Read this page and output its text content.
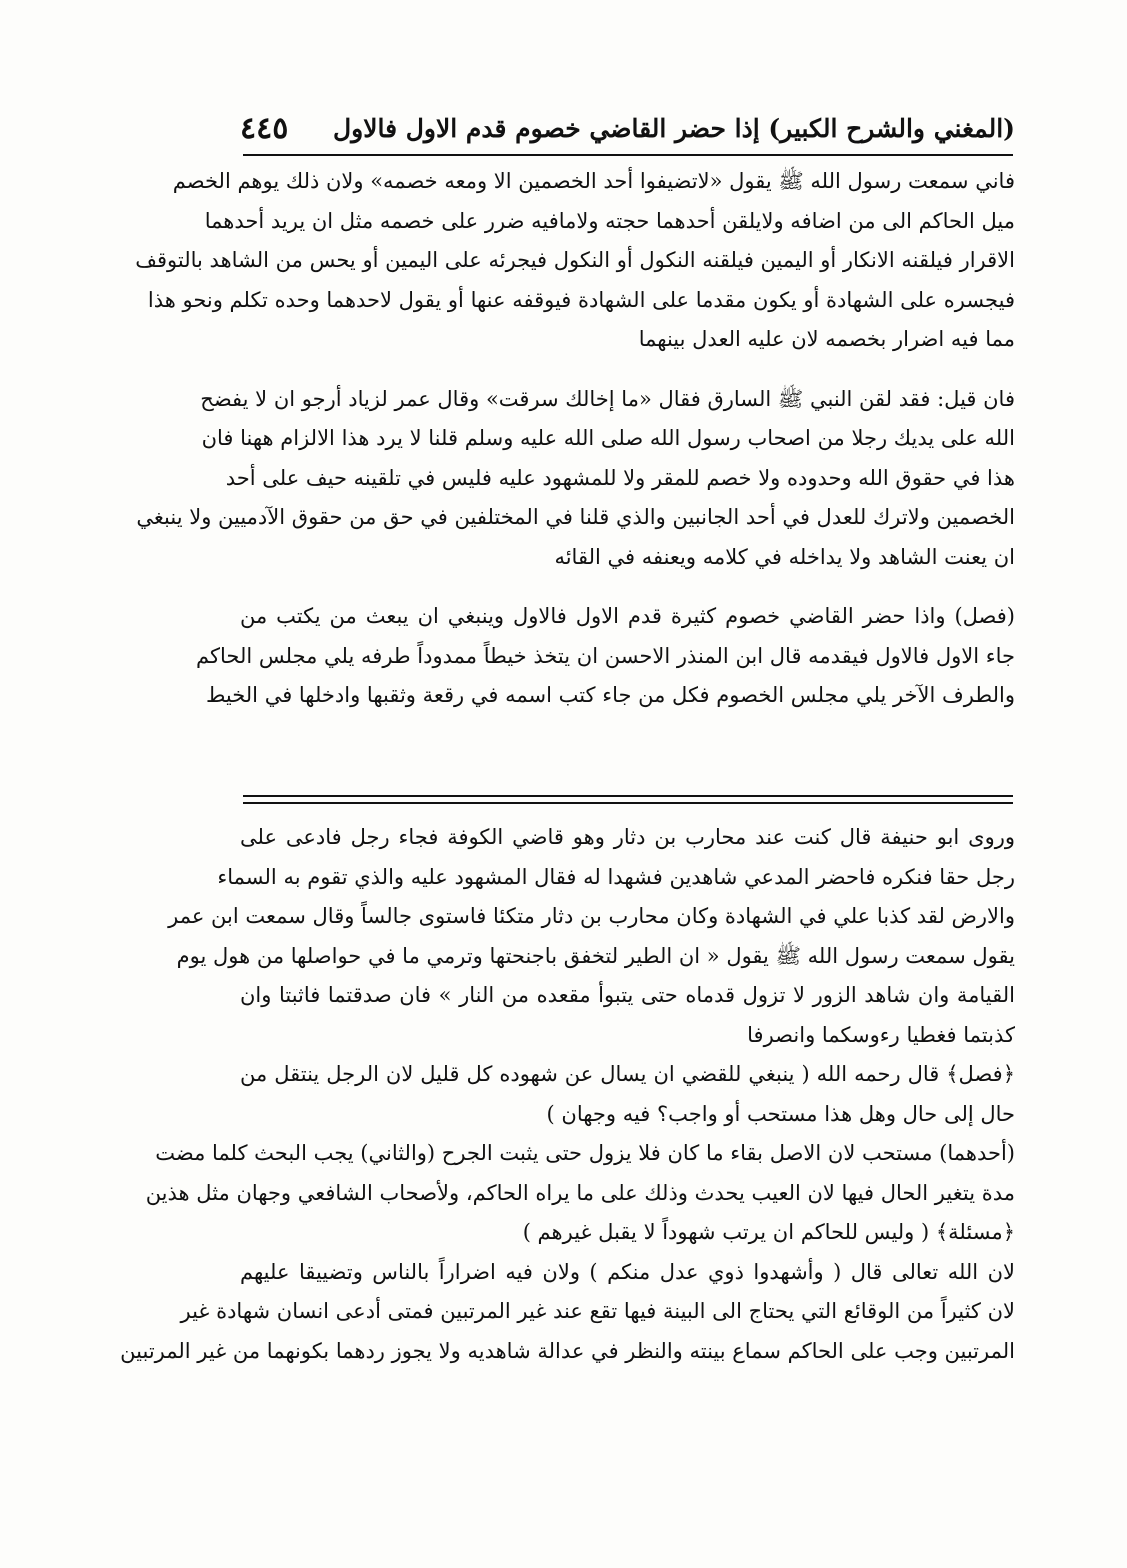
(المغني والشرح الكبير) إذا حضر القاضي خصوم قدم الاول فالاول
٤٤٥
فاني سمعت رسول الله ﷺ يقول «لاتضيفوا أحد الخصمين الا ومعه خصمه» ولان ذلك يوهم الخصم
ميل الحاكم الى من اضافه ولايلقن أحدهما حجته ولامافيه ضرر على خصمه مثل ان يريد أحدهما
الاقرار فيلقنه الانكار أو اليمين فيلقنه النكول أو النكول فيجرئه على اليمين أو يحس من الشاهد بالتوقف
فيجسره على الشهادة أو يكون مقدما على الشهادة فيوقفه عنها أو يقول لاحدهما وحده تكلم ونحو هذا
مما فيه اضرار بخصمه لان عليه العدل بينهما
فان قيل: فقد لقن النبي ﷺ السارق فقال «ما إخالك سرقت» وقال عمر لزياد أرجو ان لا يفضح
الله على يديك رجلا من اصحاب رسول الله صلى الله عليه وسلم قلنا لا يرد هذا الالزام ههنا فان
هذا في حقوق الله وحدوده ولا خصم للمقر ولا للمشهود عليه فليس في تلقينه حيف على أحد
الخصمين ولاترك للعدل في أحد الجانبين والذي قلنا في المختلفين في حق من حقوق الآدميين ولا ينبغي
ان يعنت الشاهد ولا يداخله في كلامه ويعنفه في القائه
(فصل) واذا حضر القاضي خصوم كثيرة قدم الاول فالاول وينبغي ان يبعث من يكتب من
جاء الاول فالاول فيقدمه قال ابن المنذر الاحسن ان يتخذ خيطاً ممدوداً طرفه يلي مجلس الحاكم
والطرف الآخر يلي مجلس الخصوم فكل من جاء كتب اسمه في رقعة وثقبها وادخلها في الخيط
وروى ابو حنيفة قال كنت عند محارب بن دثار وهو قاضي الكوفة فجاء رجل فادعى على
رجل حقا فنكره فاحضر المدعي شاهدين فشهدا له فقال المشهود عليه والذي تقوم به السماء
والارض لقد كذبا علي في الشهادة وكان محارب بن دثار متكئا فاستوى جالساً وقال سمعت ابن عمر
يقول سمعت رسول الله ﷺ يقول « ان الطير لتخفق باجنحتها وترمي ما في حواصلها من هول يوم
القيامة وان شاهد الزور لا تزول قدماه حتى يتبوأ مقعده من النار » فان صدقتما فاثبتا وان
كذبتما فغطيا رءوسكما وانصرفا
﴿فصل﴾ قال رحمه الله ( ينبغي للقضي ان يسال عن شهوده كل قليل لان الرجل ينتقل من
حال إلى حال وهل هذا مستحب أو واجب؟ فيه وجهان )
(أحدهما) مستحب لان الاصل بقاء ما كان فلا يزول حتى يثبت الجرح (والثاني) يجب البحث كلما مضت
مدة يتغير الحال فيها لان العيب يحدث وذلك على ما يراه الحاكم، ولأصحاب الشافعي وجهان مثل هذين
﴿مسئلة﴾ ( وليس للحاكم ان يرتب شهوداً لا يقبل غيرهم )
لان الله تعالى قال ( وأشهدوا ذوي عدل منكم ) ولان فيه اضراراً بالناس وتضييقا عليهم
لان كثيراً من الوقائع التي يحتاج الى البينة فيها تقع عند غير المرتبين فمتى أدعى انسان شهادة غير
المرتبين وجب على الحاكم سماع بينته والنظر في عدالة شاهديه ولا يجوز ردهما بكونهما من غير المرتبين
